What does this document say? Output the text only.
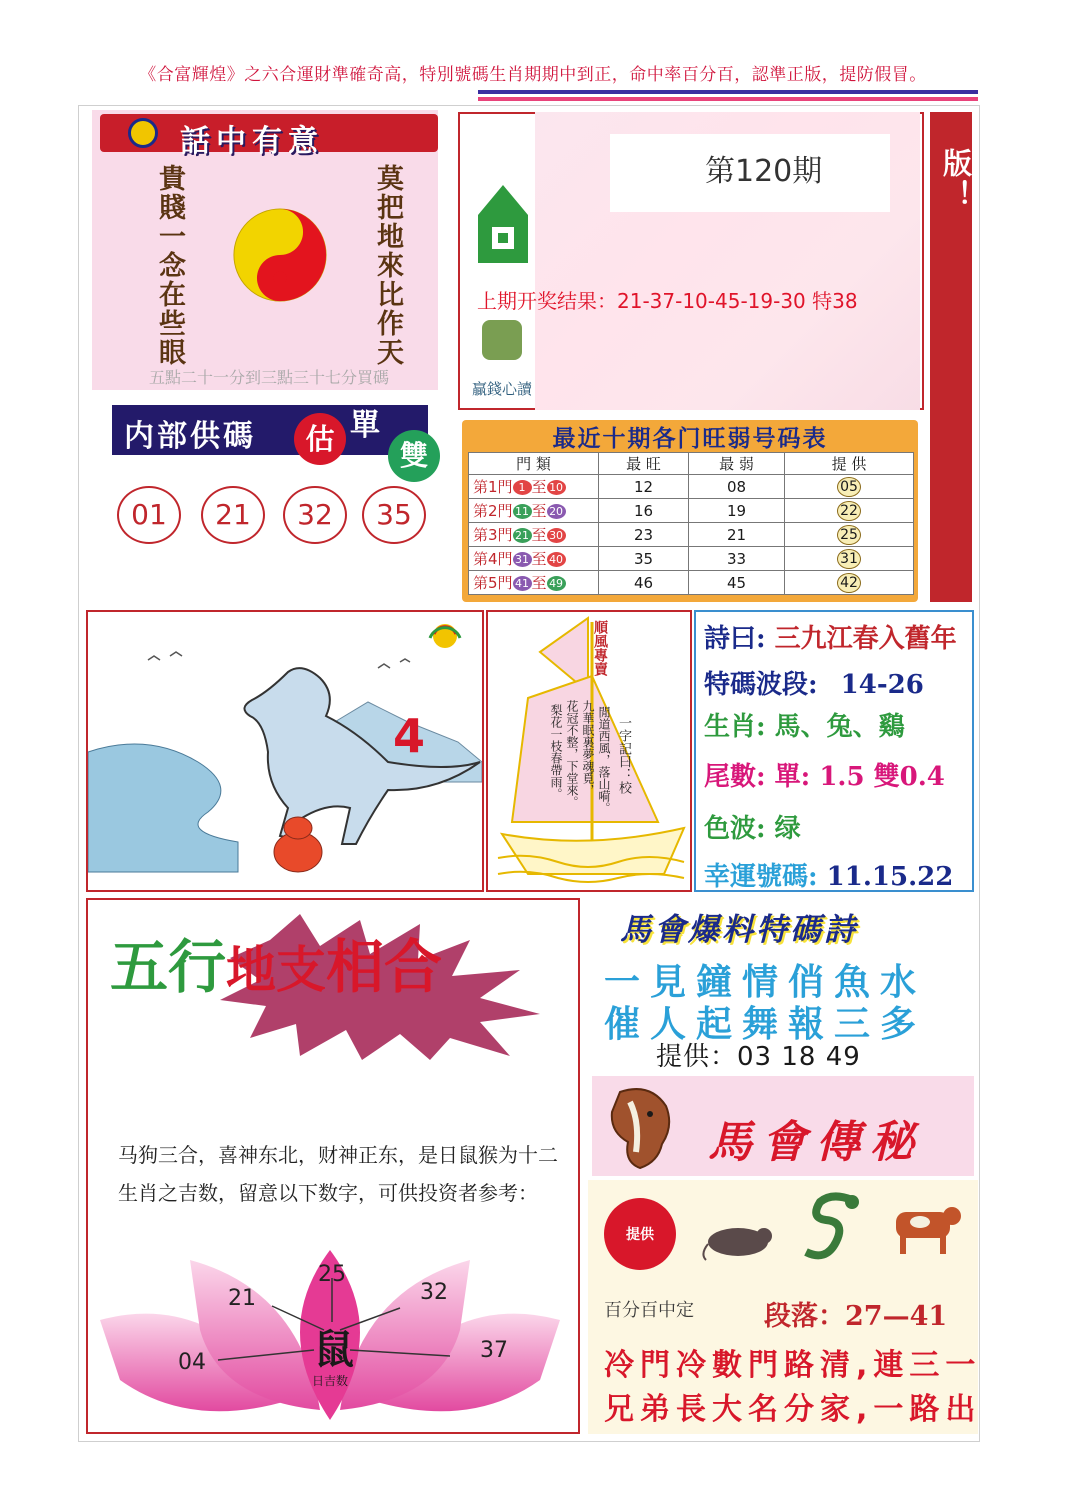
《合富輝煌》之六合運財準確奇高，特別號碼生肖期期中到正，命中率百分百，認準正版，提防假冒。
話中有意
貴賤一念在些眼	莫把地來比作天
五點二十一分到三點三十七分買碼
内部供碼	估 單
雙
01	21	32	35
第120期
上期开奖结果：21-37-10-45-19-30 特38
贏錢心讀	六合權威：《合富輝煌》强勢出版！
最近十期各门旺弱号码表
門 類	最 旺	最 弱	提 供
第1門 1 至 10	12	08	05
第2門 11 至 20	16	19	22
第3門 21 至 30	23	21	25
第4門 31 至 40	35	33	31
第5門 41 至 49	46	45	42
4
順風專賣
一字記曰：校
閒道西風，落山嗬。
九華眠裏夢魂覓，
花冠不整，下堂來。
梨花一枝春帶雨。
詩曰: 三九江春入舊年
特碼波段: 14-26
生肖: 馬、兔、鷄
尾數: 單: 1.5 雙0.4
色波: 绿
幸運號碼: 11.15.22
五行地支相合
马狗三合，喜神东北，财神正东，是日鼠猴为十二生肖之吉数，留意以下数字，可供投资者参考：
25
21	32
04	37
鼠
日吉数
馬會爆料特碼詩
一見鐘情俏魚水
催人起舞報三多
提供：03 18 49
馬會傳秘
提供
百分百中定	段落：27—41
冷門冷數門路清,連三一
兄弟長大名分家,一路出
